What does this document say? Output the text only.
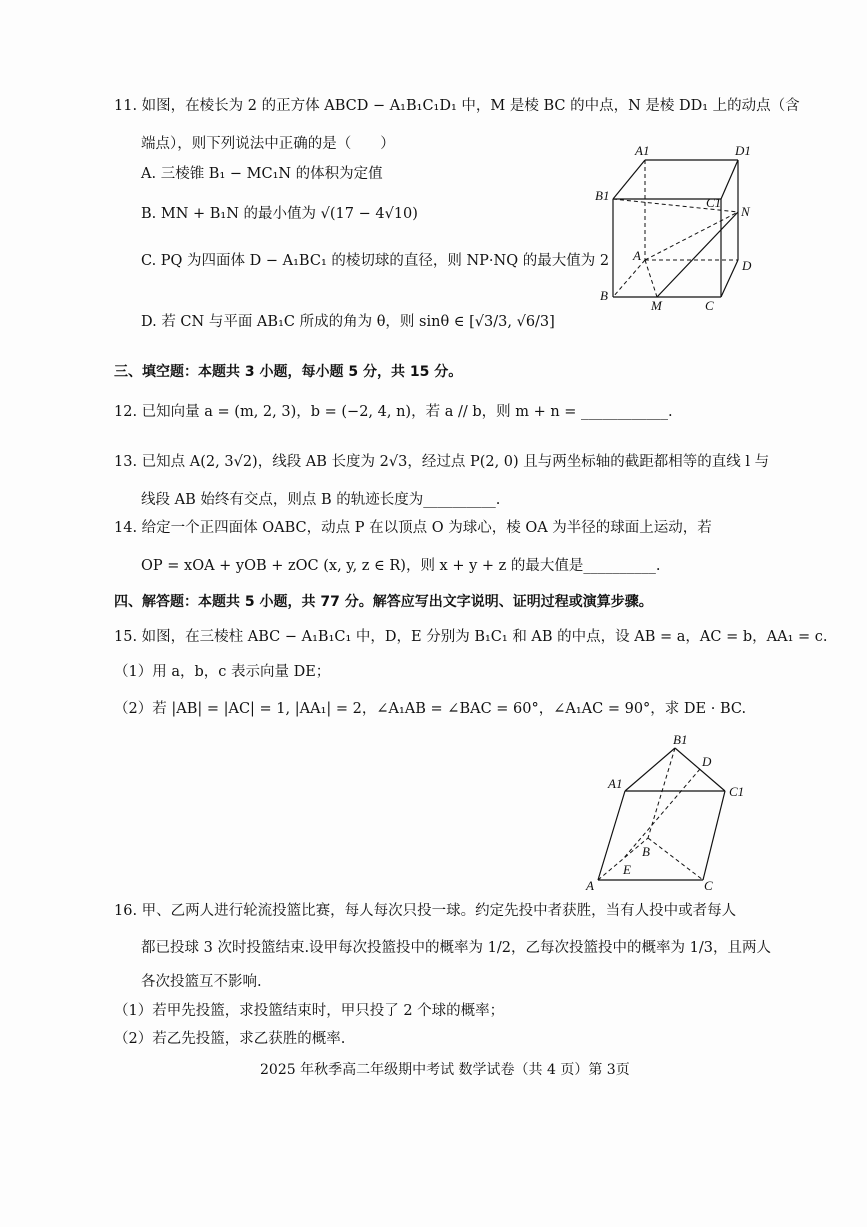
11. 如图，在棱长为 2 的正方体 ABCD − A₁B₁C₁D₁ 中，M 是棱 BC 的中点，N 是棱 DD₁ 上的动点（含
端点），则下列说法中正确的是（　　）
A. 三棱锥 B₁ − MC₁N 的体积为定值
B. MN + B₁N 的最小值为 √(17 − 4√10)
C. PQ 为四面体 D − A₁BC₁ 的棱切球的直径，则 NP·NQ 的最大值为 2
D. 若 CN 与平面 AB₁C 所成的角为 θ，则 sinθ ∈ [√3/3, √6/3]
A1	D1
B1	C1
N
A
D
B
M	C
三、填空题：本题共 3 小题，每小题 5 分，共 15 分。
12. 已知向量 a = (m, 2, 3)，b = (−2, 4, n)，若 a // b，则 m + n = ____________.
13. 已知点 A(2, 3√2)，线段 AB 长度为 2√3，经过点 P(2, 0) 且与两坐标轴的截距都相等的直线 l 与
线段 AB 始终有交点，则点 B 的轨迹长度为__________.
14. 给定一个正四面体 OABC，动点 P 在以顶点 O 为球心，棱 OA 为半径的球面上运动，若
OP = xOA + yOB + zOC (x, y, z ∈ R)，则 x + y + z 的最大值是__________.
四、解答题：本题共 5 小题，共 77 分。解答应写出文字说明、证明过程或演算步骤。
15. 如图，在三棱柱 ABC − A₁B₁C₁ 中，D，E 分别为 B₁C₁ 和 AB 的中点，设 AB = a，AC = b，AA₁ = c.
（1）用 a，b，c 表示向量 DE；
（2）若 |AB| = |AC| = 1, |AA₁| = 2，∠A₁AB = ∠BAC = 60°，∠A₁AC = 90°，求 DE · BC.
B1
D
A1
C1
B
E
A	C
16. 甲、乙两人进行轮流投篮比赛，每人每次只投一球。约定先投中者获胜，当有人投中或者每人
都已投球 3 次时投篮结束.设甲每次投篮投中的概率为 1/2，乙每次投篮投中的概率为 1/3，且两人
各次投篮互不影响.
（1）若甲先投篮，求投篮结束时，甲只投了 2 个球的概率；
（2）若乙先投篮，求乙获胜的概率.
2025 年秋季高二年级期中考试 数学试卷（共 4 页）第 3页
